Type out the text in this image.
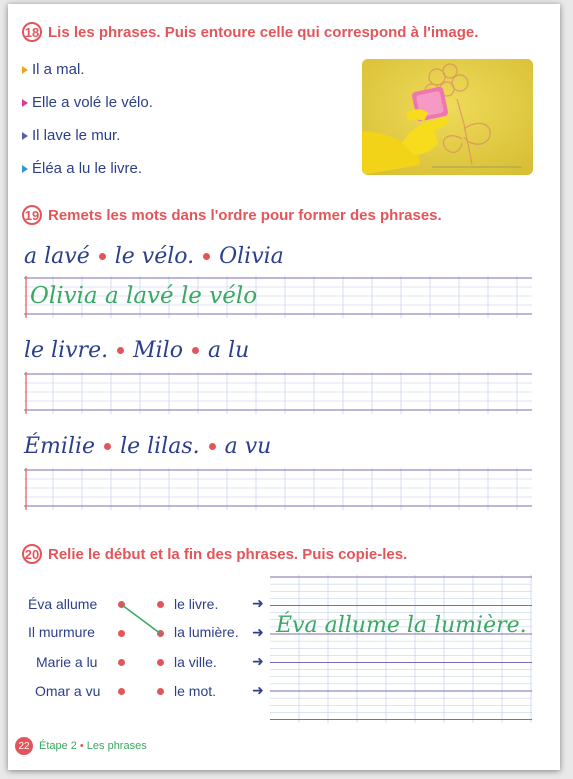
18 Lis les phrases. Puis entoure celle qui correspond à l'image.
Il a mal.
Elle a volé le vélo.
Il lave le mur.
Éléa a lu le livre.
19 Remets les mots dans l'ordre pour former des phrases.
a lavé le vélo. Olivia
Olivia a lavé le vélo
le livre. Milo a lu
Émilie le lilas. a vu
20 Relie le début et la fin des phrases. Puis copie-les.
Éva allume
Il murmure
Marie a lu
Omar a vu
le livre.
la lumière.
la ville.
le mot.
➜
➜
➜
➜
Éva allume la lumière.
22 Étape 2 • Les phrases
